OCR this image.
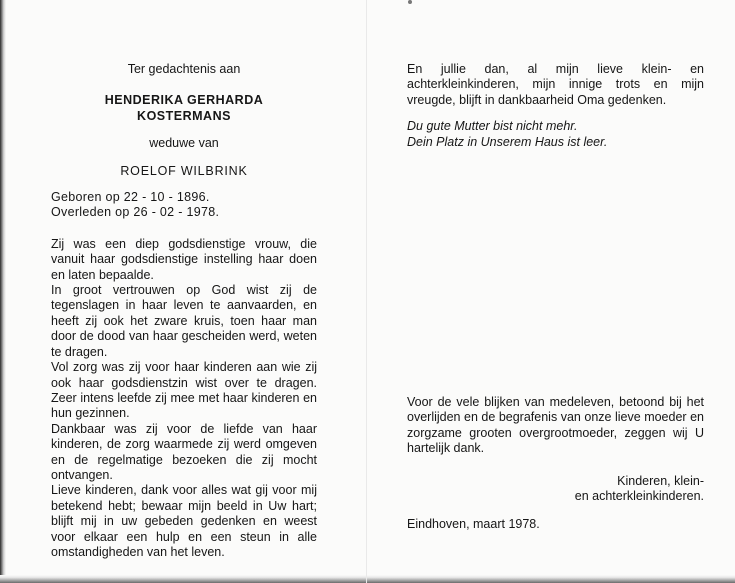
Ter gedachtenis aan

HENDERIKA GERHARDA

KOSTERMANS

weduwe van

ROELOF WILBRINK

Geboren op 22 - 10 - 1896.

Overleden op 26 - 02 - 1978.

Zij was een diep godsdienstige vrouw, die vanuit haar godsdienstige instelling haar doen en laten bepaalde.

In groot vertrouwen op God wist zij de tegenslagen in haar leven te aanvaarden, en heeft zij ook het zware kruis, toen haar man door de dood van haar gescheiden werd, weten te dragen.

Vol zorg was zij voor haar kinderen aan wie zij ook haar godsdienstzin wist over te dragen. Zeer intens leefde zij mee met haar kinderen en hun gezinnen.

Dankbaar was zij voor de liefde van haar kinderen, de zorg waarmede zij werd omgeven en de regelmatige bezoeken die zij mocht ontvangen.

Lieve kinderen, dank voor alles wat gij voor mij betekend hebt; bewaar mijn beeld in Uw hart; blijft mij in uw gebeden gedenken en weest voor elkaar een hulp en een steun in alle omstandigheden van het leven.

En jullie dan, al mijn lieve klein- en achterkleinkinderen, mijn innige trots en mijn vreugde, blijft in dankbaarheid Oma gedenken.

Du gute Mutter bist nicht mehr.

Dein Platz in Unserem Haus ist leer.

Voor de vele blijken van medeleven, betoond bij het overlijden en de begrafenis van onze lieve moeder en zorgzame grooten overgrootmoeder, zeggen wij U hartelijk dank.

Kinderen, klein-

en achterkleinkinderen.

Eindhoven, maart 1978.
